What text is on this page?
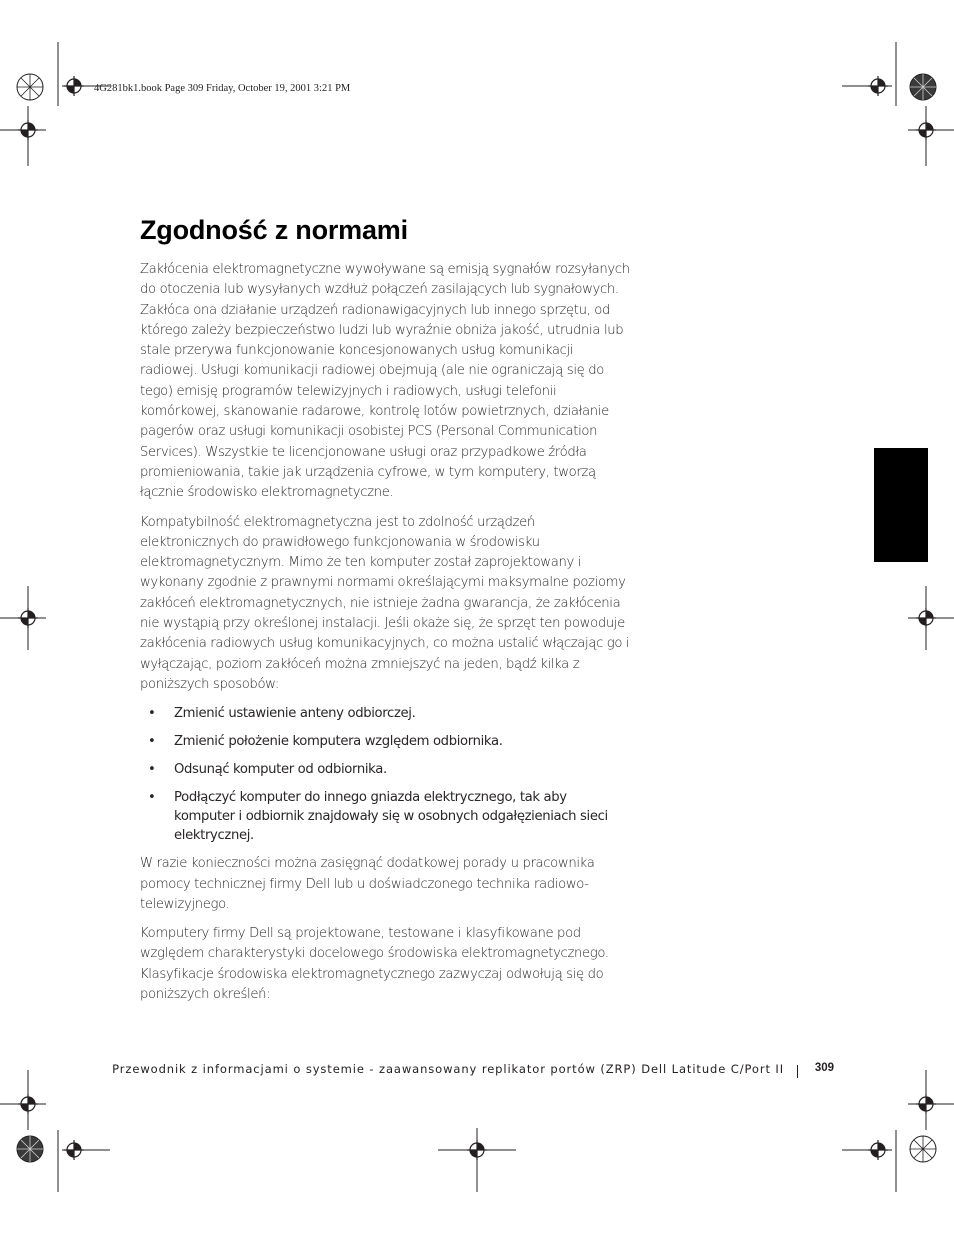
4G281bk1.book Page 309 Friday, October 19, 2001 3:21 PM
Zgodność z normami

Zakłócenia elektromagnetyczne wywoływane są emisją sygnałów rozsyłanych do otoczenia lub wysyłanych wzdłuż połączeń zasilających lub sygnałowych. Zakłóca ona działanie urządzeń radionawigacyjnych lub innego sprzętu, od którego zależy bezpieczeństwo ludzi lub wyraźnie obniża jakość, utrudnia lub stale przerywa funkcjonowanie koncesjonowanych usług komunikacji radiowej. Usługi komunikacji radiowej obejmują (ale nie ograniczają się do tego) emisję programów telewizyjnych i radiowych, usługi telefonii komórkowej, skanowanie radarowe, kontrolę lotów powietrznych, działanie pagerów oraz usługi komunikacji osobistej PCS (Personal Communication Services). Wszystkie te licencjonowane usługi oraz przypadkowe źródła promieniowania, takie jak urządzenia cyfrowe, w tym komputery, tworzą łącznie środowisko elektromagnetyczne.

Kompatybilność elektromagnetyczna jest to zdolność urządzeń elektronicznych do prawidłowego funkcjonowania w środowisku elektromagnetycznym. Mimo że ten komputer został zaprojektowany i wykonany zgodnie z prawnymi normami określającymi maksymalne poziomy zakłóceń elektromagnetycznych, nie istnieje żadna gwarancja, że zakłócenia nie wystąpią przy określonej instalacji. Jeśli okaże się, że sprzęt ten powoduje zakłócenia radiowych usług komunikacyjnych, co można ustalić włączając go i wyłączając, poziom zakłóceń można zmniejszyć na jeden, bądź kilka z poniższych sposobów:

• Zmienić ustawienie anteny odbiorczej.
• Zmienić położenie komputera względem odbiornika.
• Odsunąć komputer od odbiornika.
• Podłączyć komputer do innego gniazda elektrycznego, tak aby komputer i odbiornik znajdowały się w osobnych odgałęzieniach sieci elektrycznej.

W razie konieczności można zasięgnąć dodatkowej porady u pracownika pomocy technicznej firmy Dell lub u doświadczonego technika radiowo-telewizyjnego.

Komputery firmy Dell są projektowane, testowane i klasyfikowane pod względem charakterystyki docelowego środowiska elektromagnetycznego. Klasyfikacje środowiska elektromagnetycznego zazwyczaj odwołują się do poniższych określeń:

Przewodnik z informacjami o systemie - zaawansowany replikator portów (ZRP) Dell Latitude C/Port II	309
